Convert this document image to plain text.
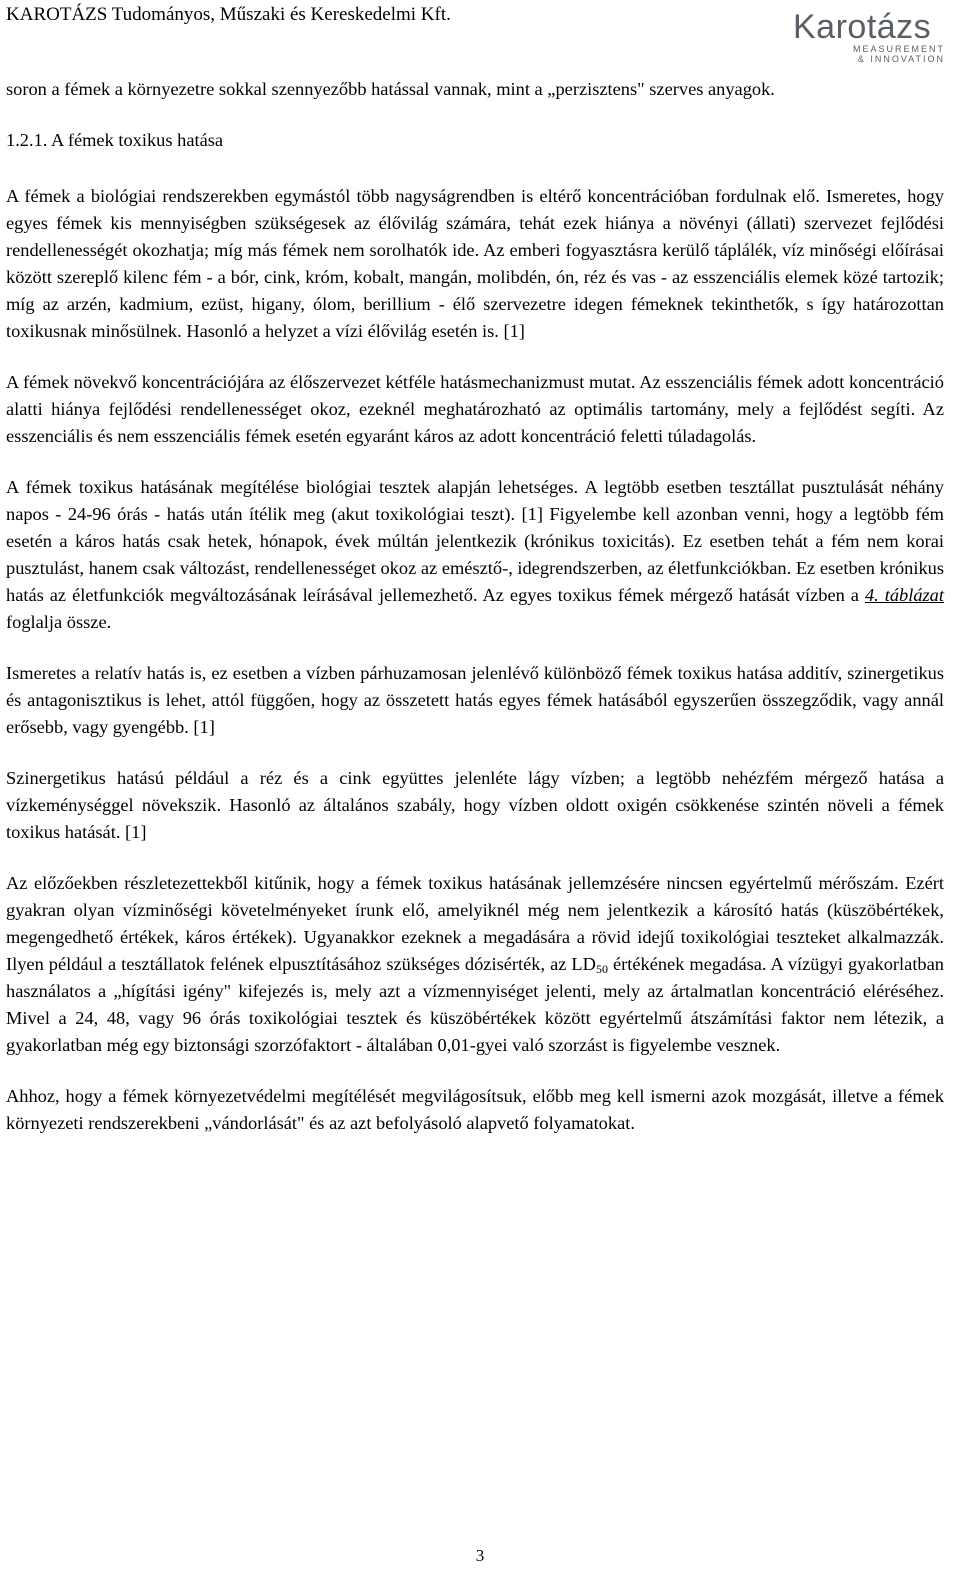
KAROTÁZS Tudományos, Műszaki és Kereskedelmi Kft.	Karotázs
MEASUREMENT
& INNOVATION

soron a fémek a környezetre sokkal szennyezőbb hatással vannak, mint a „perzisztens" szerves anyagok.

1.2.1. A fémek toxikus hatása

A fémek a biológiai rendszerekben egymástól több nagyságrendben is eltérő koncentrációban fordulnak elő. Ismeretes, hogy egyes fémek kis mennyiségben szükségesek az élővilág számára, tehát ezek hiánya a növényi (állati) szervezet fejlődési rendellenességét okozhatja; míg más fémek nem sorolhatók ide. Az emberi fogyasztásra kerülő táplálék, víz minőségi előírásai között szereplő kilenc fém - a bór, cink, króm, kobalt, mangán, molibdén, ón, réz és vas - az esszenciális elemek közé tartozik; míg az arzén, kadmium, ezüst, higany, ólom, berillium - élő szervezetre idegen fémeknek tekinthetők, s így határozottan toxikusnak minősülnek. Hasonló a helyzet a vízi élővilág esetén is. [1]

A fémek növekvő koncentrációjára az élőszervezet kétféle hatásmechanizmust mutat. Az esszenciális fémek adott koncentráció alatti hiánya fejlődési rendellenességet okoz, ezeknél meghatározható az optimális tartomány, mely a fejlődést segíti. Az esszenciális és nem esszenciális fémek esetén egyaránt káros az adott koncentráció feletti túladagolás.

A fémek toxikus hatásának megítélése biológiai tesztek alapján lehetséges. A legtöbb esetben tesztállat pusztulását néhány napos - 24-96 órás - hatás után ítélik meg (akut toxikológiai teszt). [1] Figyelembe kell azonban venni, hogy a legtöbb fém esetén a káros hatás csak hetek, hónapok, évek múltán jelentkezik (krónikus toxicitás). Ez esetben tehát a fém nem korai pusztulást, hanem csak változást, rendellenességet okoz az emésztő-, idegrendszerben, az életfunkciókban. Ez esetben krónikus hatás az életfunkciók megváltozásának leírásával jellemezhető. Az egyes toxikus fémek mérgező hatását vízben a 4. táblázat foglalja össze.

Ismeretes a relatív hatás is, ez esetben a vízben párhuzamosan jelenlévő különböző fémek toxikus hatása additív, szinergetikus és antagonisztikus is lehet, attól függően, hogy az összetett hatás egyes fémek hatásából egyszerűen összegződik, vagy annál erősebb, vagy gyengébb. [1]

Szinergetikus hatású például a réz és a cink együttes jelenléte lágy vízben; a legtöbb nehézfém mérgező hatása a vízkeménységgel növekszik. Hasonló az általános szabály, hogy vízben oldott oxigén csökkenése szintén növeli a fémek toxikus hatását. [1]

Az előzőekben részletezettekből kitűnik, hogy a fémek toxikus hatásának jellemzésére nincsen egyértelmű mérőszám. Ezért gyakran olyan vízminőségi követelményeket írunk elő, amelyiknél még nem jelentkezik a károsító hatás (küszöbértékek, megengedhető értékek, káros értékek). Ugyanakkor ezeknek a megadására a rövid idejű toxikológiai teszteket alkalmazzák. Ilyen például a tesztállatok felének elpusztításához szükséges dózisérték, az $LD_{50}$ értékének megadása. A vízügyi gyakorlatban használatos a „hígítási igény" kifejezés is, mely azt a vízmennyiséget jelenti, mely az ártalmatlan koncentráció eléréséhez. Mivel a 24, 48, vagy 96 órás toxikológiai tesztek és küszöbértékek között egyértelmű átszámítási faktor nem létezik, a gyakorlatban még egy biztonsági szorzófaktort - általában 0,01-gyei való szorzást is figyelembe vesznek.

Ahhoz, hogy a fémek környezetvédelmi megítélését megvilágosítsuk, előbb meg kell ismerni azok mozgását, illetve a fémek környezeti rendszerekbeni „vándorlását" és az azt befolyásoló alapvető folyamatokat.

3
